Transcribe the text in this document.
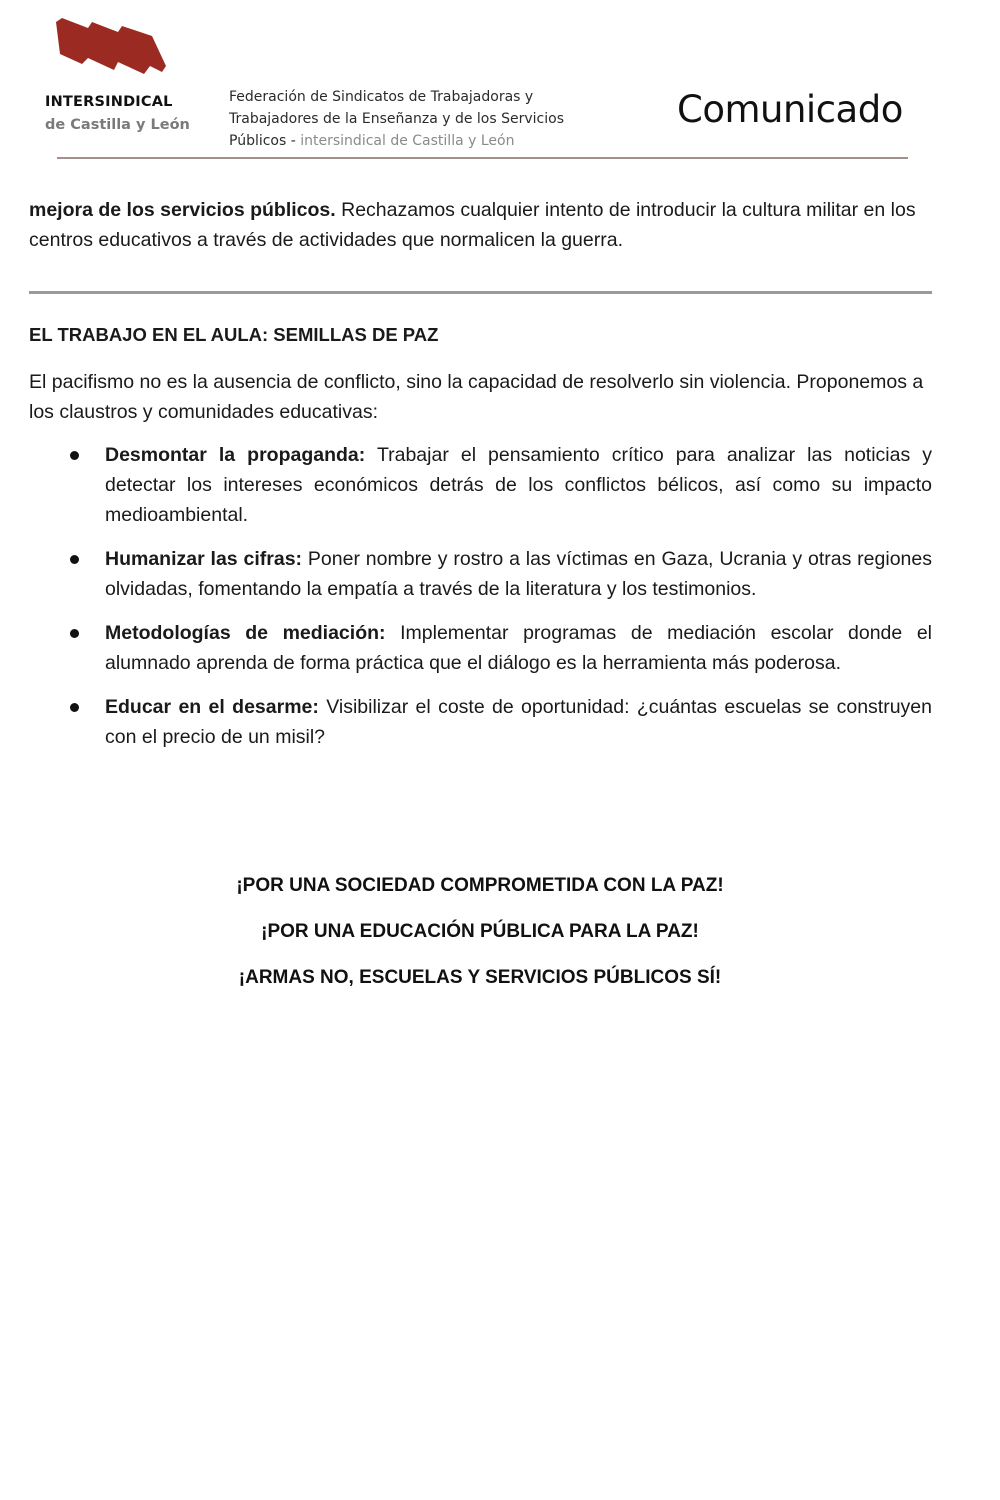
INTERSINDICAL
de Castilla y León
Federación de Sindicatos de Trabajadoras y
Trabajadores de la Enseñanza y de los Servicios
Públicos - intersindical de Castilla y León
Comunicado

mejora de los servicios públicos. Rechazamos cualquier intento de introducir la cultura militar en los centros educativos a través de actividades que normalicen la guerra.

EL TRABAJO EN EL AULA: SEMILLAS DE PAZ

El pacifismo no es la ausencia de conflicto, sino la capacidad de resolverlo sin violencia. Proponemos a los claustros y comunidades educativas:

Desmontar la propaganda: Trabajar el pensamiento crítico para analizar las noticias y detectar los intereses económicos detrás de los conflictos bélicos, así como su impacto medioambiental.
Humanizar las cifras: Poner nombre y rostro a las víctimas en Gaza, Ucrania y otras regiones olvidadas, fomentando la empatía a través de la literatura y los testimonios.
Metodologías de mediación: Implementar programas de mediación escolar donde el alumnado aprenda de forma práctica que el diálogo es la herramienta más poderosa.
Educar en el desarme: Visibilizar el coste de oportunidad: ¿cuántas escuelas se construyen con el precio de un misil?
¡POR UNA SOCIEDAD COMPROMETIDA CON LA PAZ!
¡POR UNA EDUCACIÓN PÚBLICA PARA LA PAZ!
¡ARMAS NO, ESCUELAS Y SERVICIOS PÚBLICOS SÍ!
